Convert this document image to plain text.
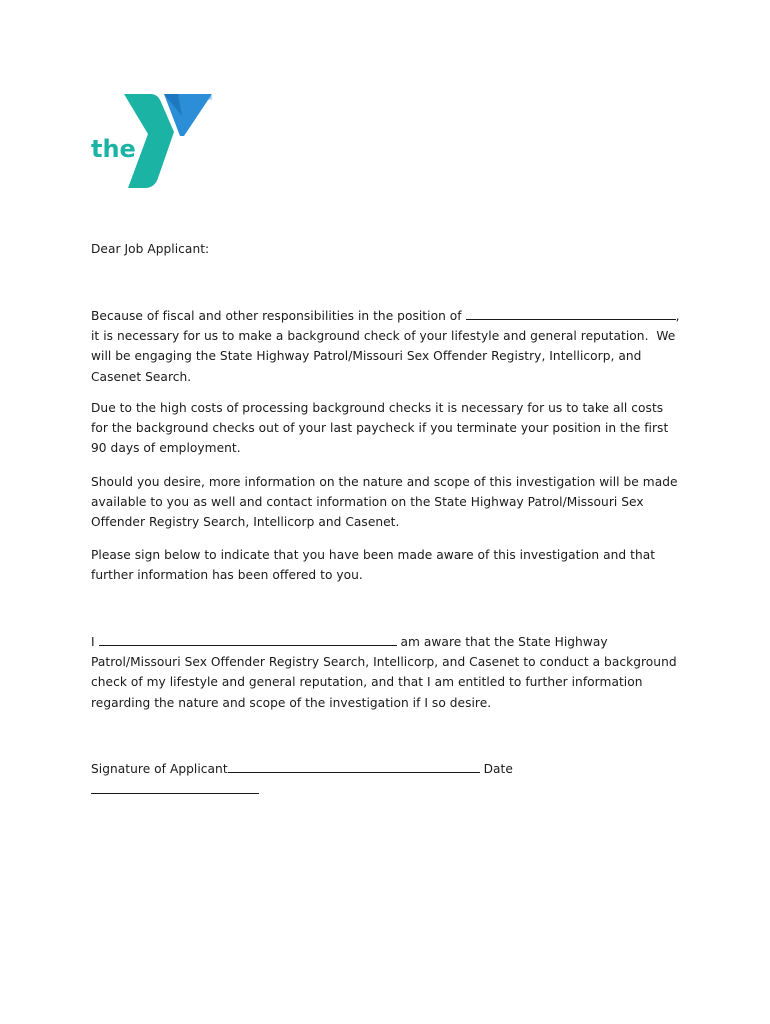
the
YMCA
®

Dear Job Applicant:

Because of fiscal and other responsibilities in the position of	,
it is necessary for us to make a background check of your lifestyle and general reputation.  We will be engaging the State Highway Patrol/Missouri Sex Offender Registry, Intellicorp, and Casenet Search.

Due to the high costs of processing background checks it is necessary for us to take all costs for the background checks out of your last paycheck if you terminate your position in the first 90 days of employment.

Should you desire, more information on the nature and scope of this investigation will be made available to you as well and contact information on the State Highway Patrol/Missouri Sex Offender Registry Search, Intellicorp and Casenet.

Please sign below to indicate that you have been made aware of this investigation and that further information has been offered to you.

I	am aware that the State Highway Patrol/Missouri Sex Offender Registry Search, Intellicorp, and Casenet to conduct a background check of my lifestyle and general reputation, and that I am entitled to further information regarding the nature and scope of the investigation if I so desire.

Signature of Applicant	Date
